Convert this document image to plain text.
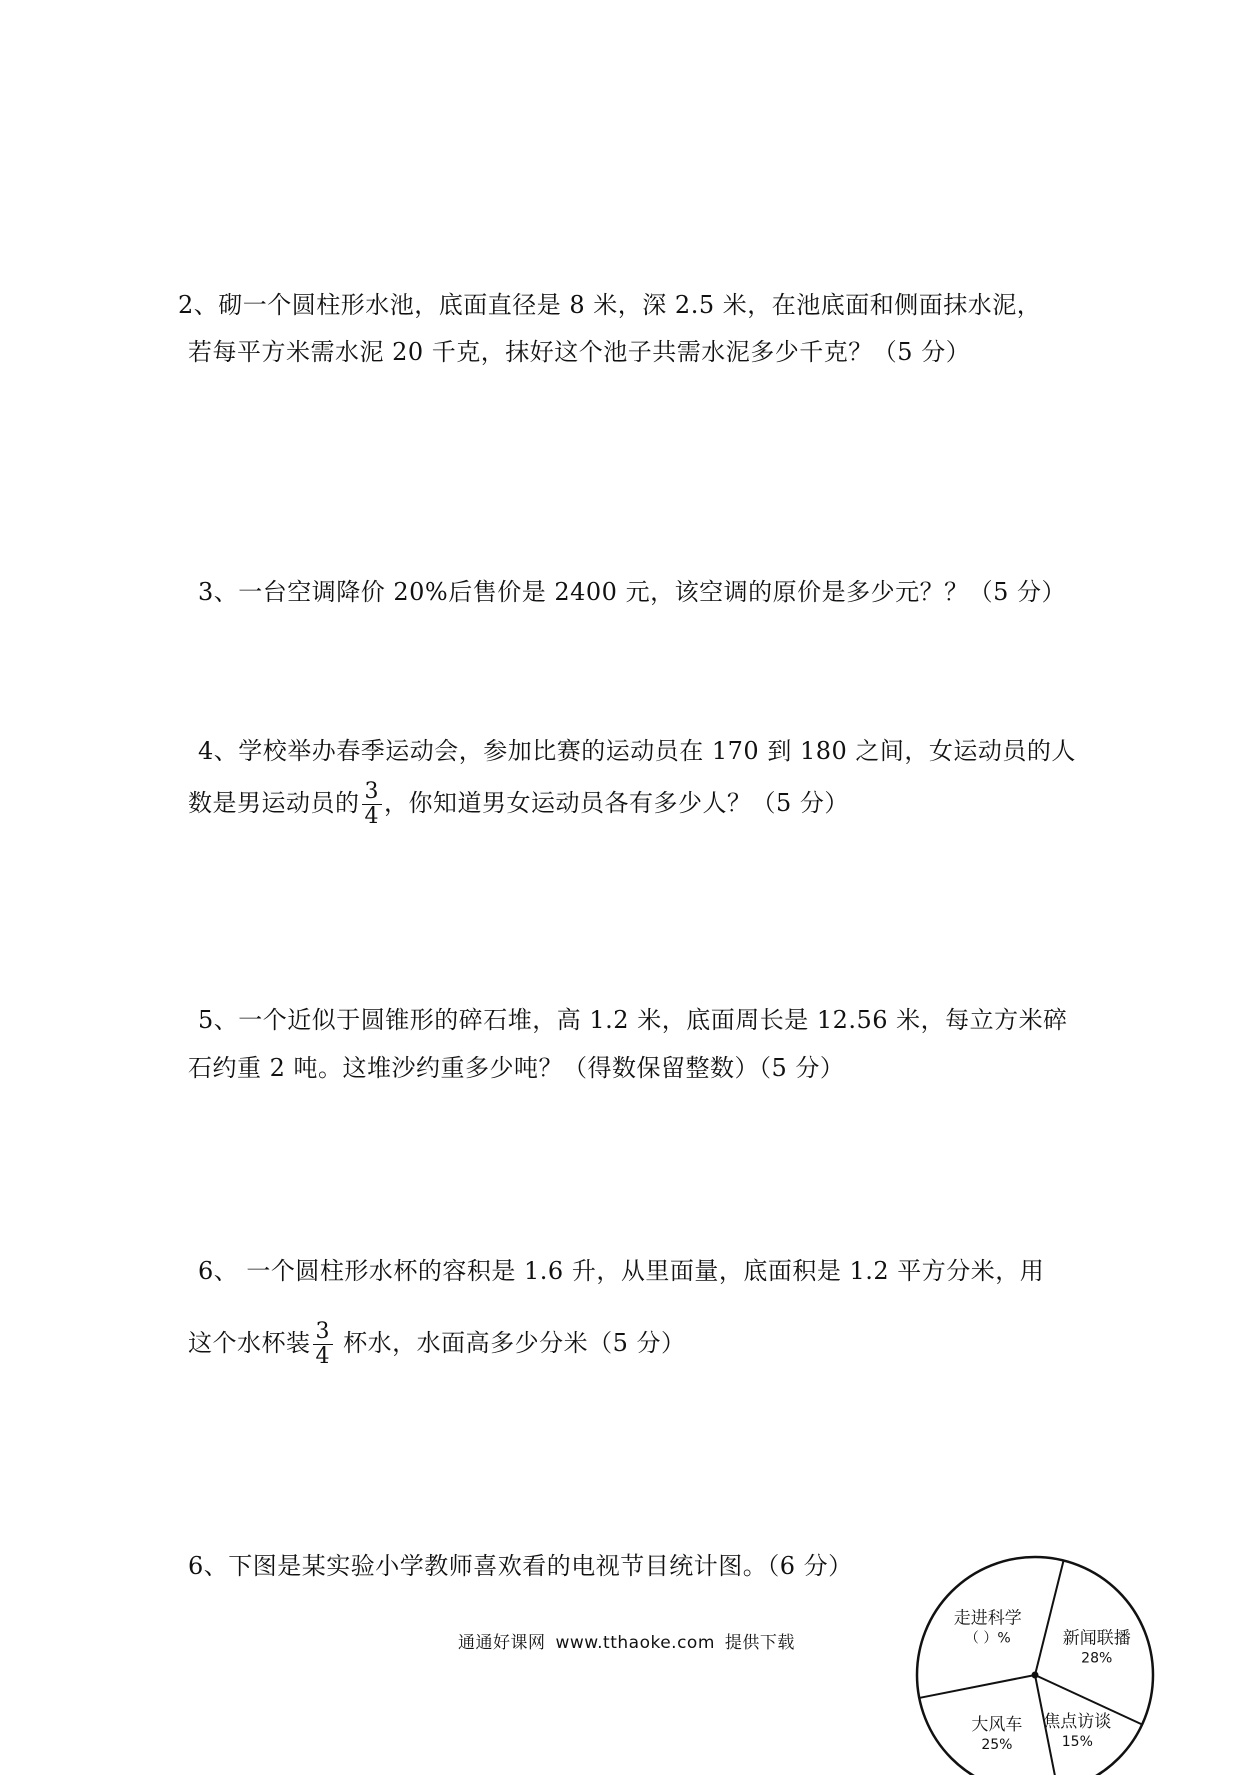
2、砌一个圆柱形水池，底面直径是 8 米，深 2.5 米，在池底面和侧面抹水泥，
若每平方米需水泥 20 千克，抹好这个池子共需水泥多少千克？（5 分）
3、一台空调降价 20%后售价是 2400 元，该空调的原价是多少元？？（5 分）
4、学校举办春季运动会，参加比赛的运动员在 170 到 180 之间，女运动员的人
数是男运动员的 $\frac{3}{4}$ ，你知道男女运动员各有多少人？（5 分）
5、一个近似于圆锥形的碎石堆，高 1.2 米，底面周长是 12.56 米，每立方米碎
石约重 2 吨。这堆沙约重多少吨？（得数保留整数）（5 分）
6、 一个圆柱形水杯的容积是 1.6 升，从里面量，底面积是 1.2 平方分米，用
这个水杯装 $\frac{3}{4}$ 杯水，水面高多少分米（5 分）
6、下图是某实验小学教师喜欢看的电视节目统计图。（6 分）
通通好课网 www.tthaoke.com 提供下载	新闻联播
28%
焦点访谈
15%
大风车
25%
走进科学
（ ）%
